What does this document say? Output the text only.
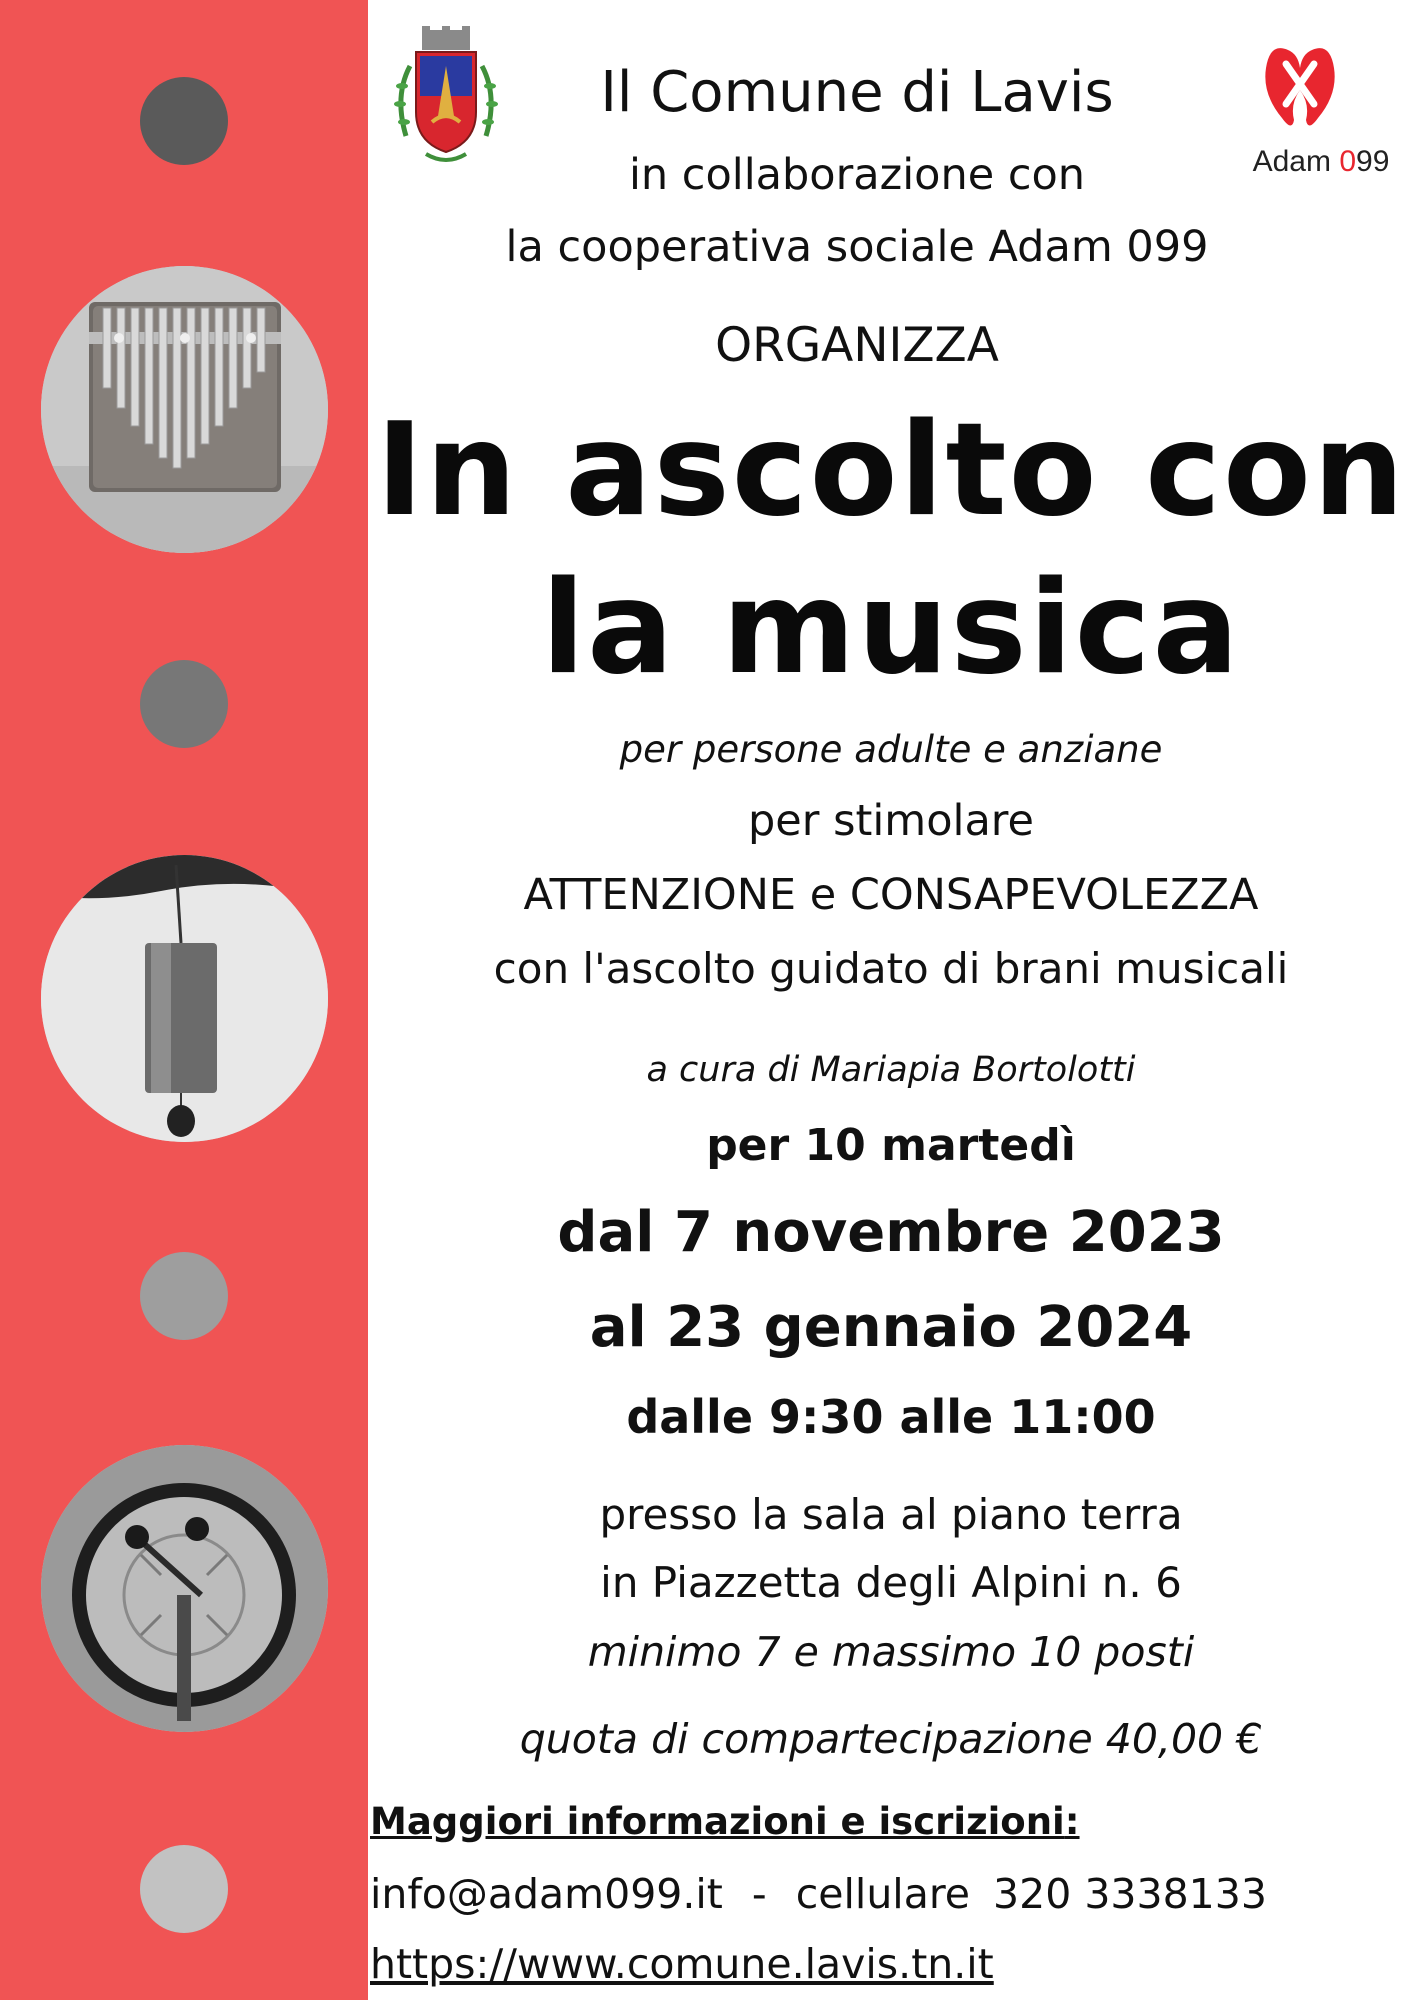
Adam 099

Il Comune di Lavis

in collaborazione con

la cooperativa sociale Adam 099

ORGANIZZA

In ascolto con
la musica

per persone adulte e anziane

per stimolare

ATTENZIONE e CONSAPEVOLEZZA

con l'ascolto guidato di brani musicali

a cura di Mariapia Bortolotti

per 10 martedì

dal 7 novembre 2023

al 23 gennaio 2024

dalle 9:30 alle 11:00

presso la sala al piano terra

in Piazzetta degli Alpini n. 6

minimo 7 e massimo 10 posti

quota di compartecipazione 40,00 €

Maggiori informazioni e iscrizioni:

info@adam099.it - cellulare 320 3338133

https://www.comune.lavis.tn.it
